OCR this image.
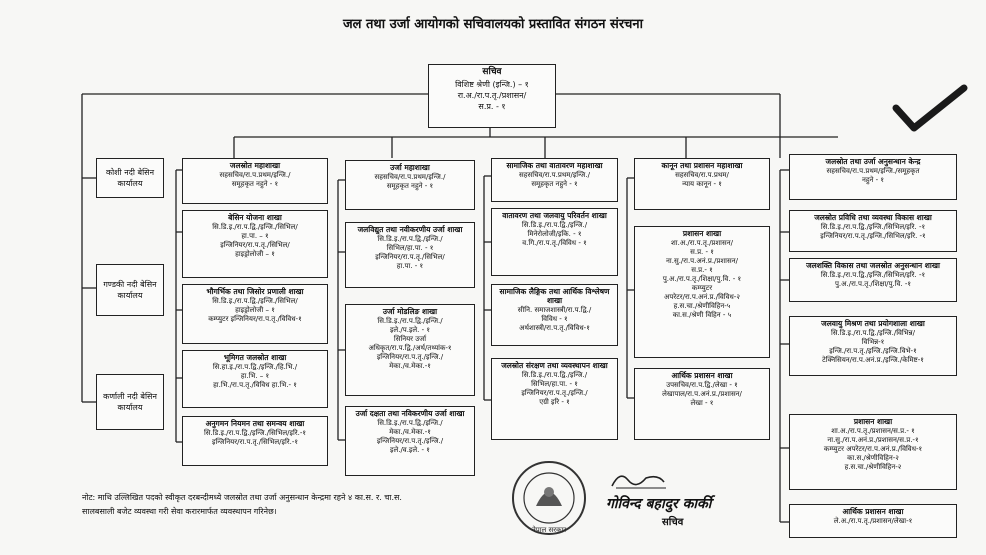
जल तथा उर्जा आयोगको सचिवालयको प्रस्तावित संगठन संरचना
सचिव
विशिष्ट श्रेणी (इन्जि.) – १
रा.अ./रा.प.तृ./प्रशासन/
स.प्र. - १
कोशी नदी बेसिन कार्यालय
गण्डकी नदी बेसिन कार्यालय
कर्णाली नदी बेसिन कार्यालय
जलस्रोत महाशाखा
सहसचिव/रा.प.प्रथम/इन्जि./
समूहकृत नहुने - १
बेसिन योजना शाखा
सि.डि.इ./रा.प.द्वि./इन्जि./सिभिल/
हा.पा. – १
इन्जिनियर/रा.प.तृ./सिभिल/
हाइड्रोलोजी – १
भौगर्भिक तथा जिसोर प्रणाली शाखा
सि.डि.इ./रा.प.द्वि./इन्जि./सिभिल/
हाइड्रोलोजी – १
कम्प्युटर इन्जिनियर/रा.प.तृ./विविध-१
भूमिगत जलस्रोत शाखा
सि.हा.इ./रा.प.द्वि./इन्जि./हि.भि./
हा.भि. – १
हा.भि./रा.प.तृ./विविध हा.भि.- १
अनुगमन नियमन तथा समन्वय शाखा
सि.डि.इ./रा.प.द्वि./इन्जि./सिभिल/इरि.-१
इन्जिनियर/रा.प.तृ./सिभिल/इरि.-१
उर्जा महाशाखा
सहसचिव/रा.प.प्रथम/इन्जि./
समूहकृत नहुने - १
जलविद्युत तथा नवीकरणीय उर्जा शाखा
सि.डि.इ./रा.प.द्वि./इन्जि./
सिभिल/हा.पा. - १
इन्जिनियर/रा.प.तृ./सिभिल/
हा.पा. - १
उर्जा मोडलिङ शाखा
सि.डि.इ./रा.प.द्वि./इन्जि./
इले./प.इले. - १
सिनियर उर्जा
अधिकृत/रा.प.द्वि./अर्थ/तथ्यांक-१
इन्जिनियर/रा.प.तृ./इन्जि./
मेका./व.मेका.-१
उर्जा दक्षता तथा नविकरणीय उर्जा शाखा
सि.डि.इ./रा.प.द्वि./इन्जि./
मेका./व.मेका.-१
इन्जिनियर/रा.प.तृ./इन्जि./
इले./व.इले. - १
सामाजिक तथा वातावरण महाशाखा
सहसचिव/रा.प.प्रथम/इन्जि./
समूहकृत नहुने - १
वातावरण तथा जलवायु परिवर्तन शाखा
सि.डि.इ./रा.प.द्वि./इन्जि./
मिनेरोलोजी/इकि. - १
व.गि./रा.प.तृ./विविध - १
सामाजिक लैङ्गिक तथा आर्थिक विश्लेषण शाखा
सीनि. समाजशास्त्री/रा.प.द्वि./
विविध - १
अर्थशास्त्री/रा.प.तृ./विविध-१
जलस्रोत संरक्षण तथा व्यवस्थापन शाखा
सि.डि.इ./रा.प.द्वि./इन्जि./
सिभिल/हा.पा. - १
इन्जिनियर/रा.प.तृ./इन्जि./
एग्री इरि - १
कानून तथा प्रशासन महाशाखा
सहसचिव/रा.प.प्रथम/
न्याय कानून - १
प्रशासन शाखा
शा.अ./रा.प.तृ./प्रशासन/
स.प्र. - १
ना.सु./रा.प.अनं.प्र./प्रशासन/
स.प्र.- १
पु.अ./रा.प.तृ./शिक्षा/पु.वि. - १
कम्प्युटर
अपरेटर/रा.प.अनं.प्र./विविध-२
ह.स.चा./श्रेणीविहिन-५
का.स./श्रेणी विहिन - ५
आर्थिक प्रशासन शाखा
उपसचिव/रा.प.द्वि./लेखा - १
लेखापाल/रा.प.अनं.प्र./प्रशासन/
लेखा - १
जलस्रोत तथा उर्जा अनुसन्धान केन्द्र
सहसचिव/रा.प.प्रथम/इन्जि./समूहकृत
नहुने - १
जलस्रोत प्रविधि तथा व्यवस्था विकास शाखा
सि.डि.इ./रा.प.द्वि./इन्जि./सिभिल/इरि. -१
इन्जिनियर/रा.प.तृ./इन्जि./सिभिल/इरि. -१
जलशक्ति विकास तथा जलस्रोत अनुसन्धान शाखा
सि.डि.इ./रा.प.द्वि./इन्जि./सिभिल/इरि. -१
पु.अ./रा.प.तृ./शिक्षा/पु.वि. -१
जलवायु मिश्रण तथा प्रयोगशाला शाखा
सि.डि.इ./रा.प.द्वि./इन्जि./विभिन्न/
विभिन्न-१
इन्जि./रा.प.तृ./इन्जि./इन्जि.विभे-१
टेक्निसियन/रा.प.अनं.प्र./इन्जि./केमिष्ट-१
प्रशासन शाखा
शा.अ./रा.प.तृ./प्रशासन/स.प्र.- १
ना.सु./रा.प.अनं.प्र./प्रशासन/स.प्र.-१
कम्प्युटर अपरेटर/रा.प.अनं.प्र./विविध-१
का.स./श्रेणीविहिन-२
ह.स.चा./श्रेणीविहिन-२
आर्थिक प्रशासन शाखा
ले.अ./रा.प.तृ./प्रशासन/लेखा-१
नोट: माथि उल्लिखित पदको स्वीकृत दरबन्दीमध्ये जलस्रोत तथा उर्जा अनुसन्धान केन्द्रमा रहने ४ का.स. र. चा.स.
सालबसाली बजेट व्यवस्था गरी सेवा करारमार्फत व्यवस्थापन गरिनेछ।
नेपाल सरकार
गोविन्द बहादुर कार्की
सचिव
